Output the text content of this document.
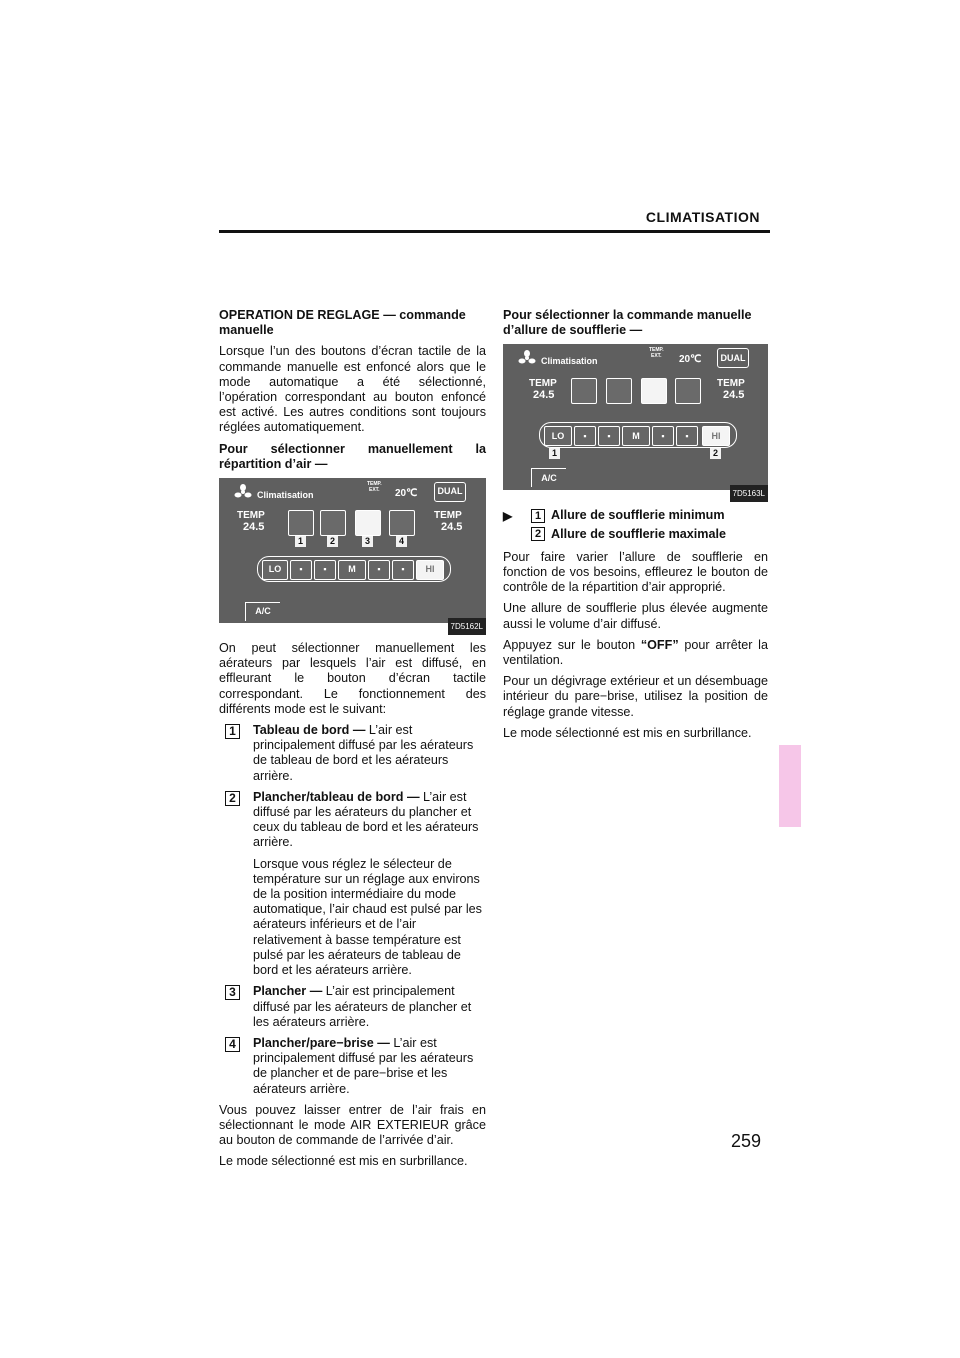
CLIMATISATION
259

OPERATION DE REGLAGE — commande manuelle

Lorsque l’un des boutons d’écran tactile de la commande manuelle est enfoncé alors que le mode automatique a été sélectionné, l’opération correspondant au bouton enfoncé est activé. Les autres conditions sont toujours réglées automatiquement.

Pour sélectionner manuellement la répartition d’air —

Climatisation
TEMP.
EXT. 20℃	DUAL
TEMP
24.5
TEMP
24.5
1	2	3	4
LO	▪	▪	M	▪	▪	HI
A/C
7D5162L

On peut sélectionner manuellement les aérateurs par lesquels l’air est diffusé, en effleurant le bouton d’écran tactile correspondant. Le fonctionnement des différents mode est le suivant:

1	Tableau de bord — L’air est principalement diffusé par les aérateurs de tableau de bord et les aérateurs arrière.
2	Plancher/tableau de bord — L’air est diffusé par les aérateurs du plancher et ceux du tableau de bord et les aérateurs arrière.
Lorsque vous réglez le sélecteur de température sur un réglage aux environs de la position intermédiaire du mode automatique, l’air chaud est pulsé par les aérateurs inférieurs et de l’air relativement à basse température est pulsé par les aérateurs de tableau de bord et les aérateurs arrière.
3	Plancher — L’air est principalement diffusé par les aérateurs de plancher et les aérateurs arrière.
4	Plancher/pare−brise — L’air est principalement diffusé par les aérateurs de plancher et de pare−brise et les aérateurs arrière.

Vous pouvez laisser entrer de l’air frais en sélectionnant le mode AIR EXTERIEUR grâce au bouton de commande de l’arrivée d’air.

Le mode sélectionné est mis en surbrillance.

Pour sélectionner la commande manuelle d’allure de soufflerie —

Climatisation
TEMP.
EXT. 20℃	DUAL
TEMP
24.5
TEMP
24.5
LO	▪	▪	M	▪	▪	HI
1	2
A/C
7D5163L
▶ 1 Allure de soufflerie minimum
2 Allure de soufflerie maximale

Pour faire varier l’allure de soufflerie en fonction de vos besoins, effleurez le bouton de contrôle de la répartition d’air approprié.

Une allure de soufflerie plus élevée augmente aussi le volume d’air diffusé.

Appuyez sur le bouton “OFF” pour arrêter la ventilation.

Pour un dégivrage extérieur et un désembuage intérieur du pare−brise, utilisez la position de réglage grande vitesse.

Le mode sélectionné est mis en surbrillance.
